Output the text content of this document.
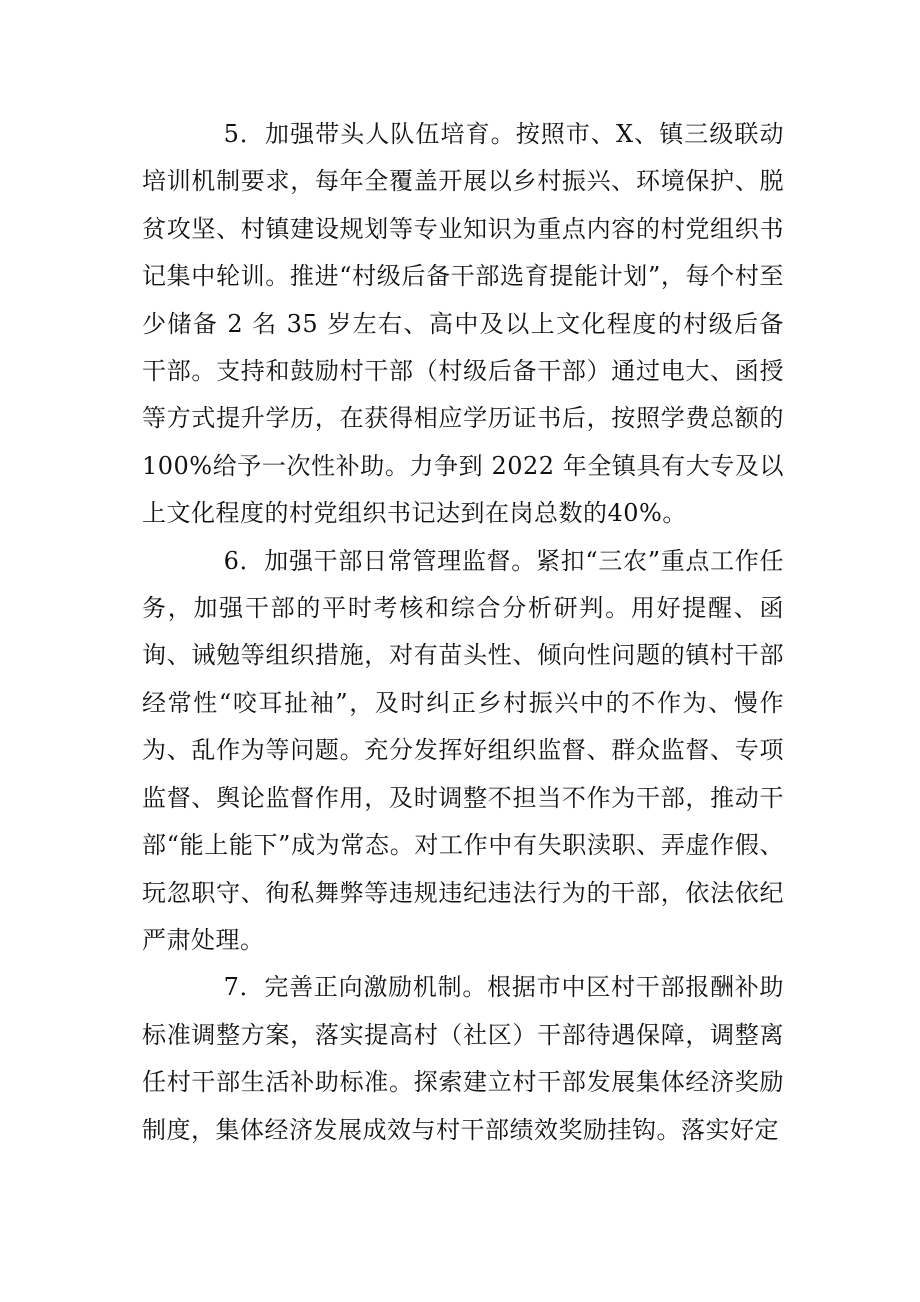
5．加强带头人队伍培育。按照市、X、镇三级联动培训机制要求，每年全覆盖开展以乡村振兴、环境保护、脱贫攻坚、村镇建设规划等专业知识为重点内容的村党组织书记集中轮训。推进“村级后备干部选育提能计划”，每个村至少储备 2 名 35 岁左右、高中及以上文化程度的村级后备干部。支持和鼓励村干部（村级后备干部）通过电大、函授等方式提升学历，在获得相应学历证书后，按照学费总额的100%给予一次性补助。力争到 2022 年全镇具有大专及以上文化程度的村党组织书记达到在岗总数的40%。

6．加强干部日常管理监督。紧扣“三农”重点工作任务，加强干部的平时考核和综合分析研判。用好提醒、函询、诫勉等组织措施，对有苗头性、倾向性问题的镇村干部经常性“咬耳扯袖”，及时纠正乡村振兴中的不作为、慢作为、乱作为等问题。充分发挥好组织监督、群众监督、专项监督、舆论监督作用，及时调整不担当不作为干部，推动干部“能上能下”成为常态。对工作中有失职渎职、弄虚作假、玩忽职守、徇私舞弊等违规违纪违法行为的干部，依法依纪严肃处理。

7．完善正向激励机制。根据市中区村干部报酬补助标准调整方案，落实提高村（社区）干部待遇保障，调整离任村干部生活补助标准。探索建立村干部发展集体经济奖励制度，集体经济发展成效与村干部绩效奖励挂钩。落实好定
